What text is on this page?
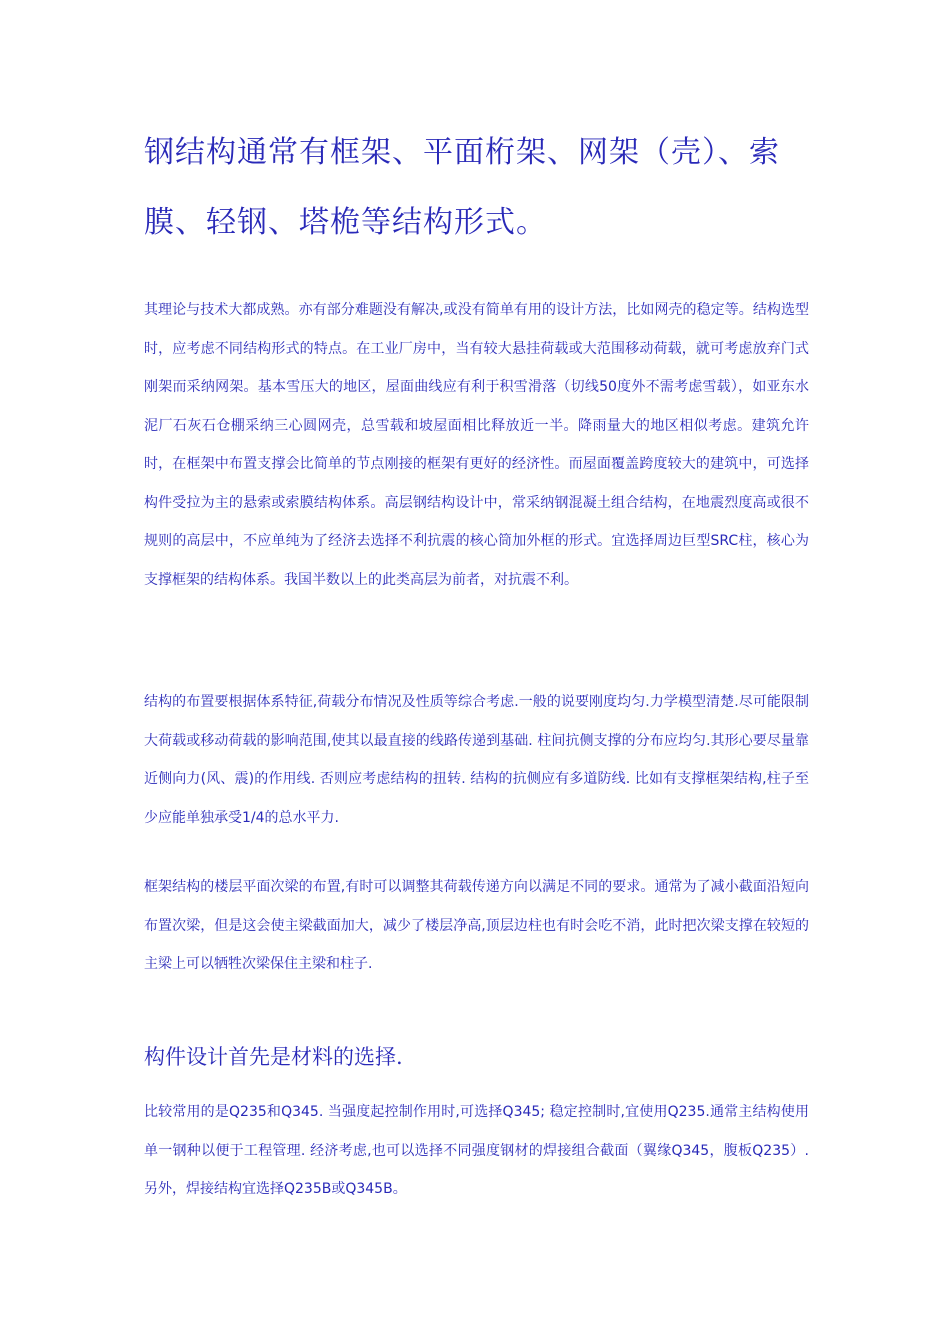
钢结构通常有框架、平面桁架、网架（壳）、索膜、轻钢、塔桅等结构形式。

其理论与技术大都成熟。亦有部分难题没有解决,或没有简单有用的设计方法，比如网壳的稳定等。结构选型时，应考虑不同结构形式的特点。在工业厂房中，当有较大悬挂荷载或大范围移动荷载，就可考虑放弃门式刚架而采纳网架。基本雪压大的地区，屋面曲线应有利于积雪滑落（切线50度外不需考虑雪载），如亚东水泥厂石灰石仓棚采纳三心圆网壳，总雪载和坡屋面相比释放近一半。降雨量大的地区相似考虑。建筑允许时，在框架中布置支撑会比简单的节点刚接的框架有更好的经济性。而屋面覆盖跨度较大的建筑中，可选择构件受拉为主的悬索或索膜结构体系。高层钢结构设计中，常采纳钢混凝土组合结构，在地震烈度高或很不规则的高层中，不应单纯为了经济去选择不利抗震的核心筒加外框的形式。宜选择周边巨型SRC柱，核心为支撑框架的结构体系。我国半数以上的此类高层为前者，对抗震不利。

结构的布置要根据体系特征,荷载分布情况及性质等综合考虑.一般的说要刚度均匀.力学模型清楚.尽可能限制大荷载或移动荷载的影响范围,使其以最直接的线路传递到基础. 柱间抗侧支撑的分布应均匀.其形心要尽量靠近侧向力(风、震)的作用线. 否则应考虑结构的扭转. 结构的抗侧应有多道防线. 比如有支撑框架结构,柱子至少应能单独承受1/4的总水平力.

框架结构的楼层平面次梁的布置,有时可以调整其荷载传递方向以满足不同的要求。通常为了减小截面沿短向布置次梁，但是这会使主梁截面加大，减少了楼层净高,顶层边柱也有时会吃不消，此时把次梁支撑在较短的主梁上可以牺牲次梁保住主梁和柱子.

构件设计首先是材料的选择.

比较常用的是Q235和Q345. 当强度起控制作用时,可选择Q345; 稳定控制时,宜使用Q235.通常主结构使用单一钢种以便于工程管理. 经济考虑,也可以选择不同强度钢材的焊接组合截面（翼缘Q345，腹板Q235）. 另外，焊接结构宜选择Q235B或Q345B。
